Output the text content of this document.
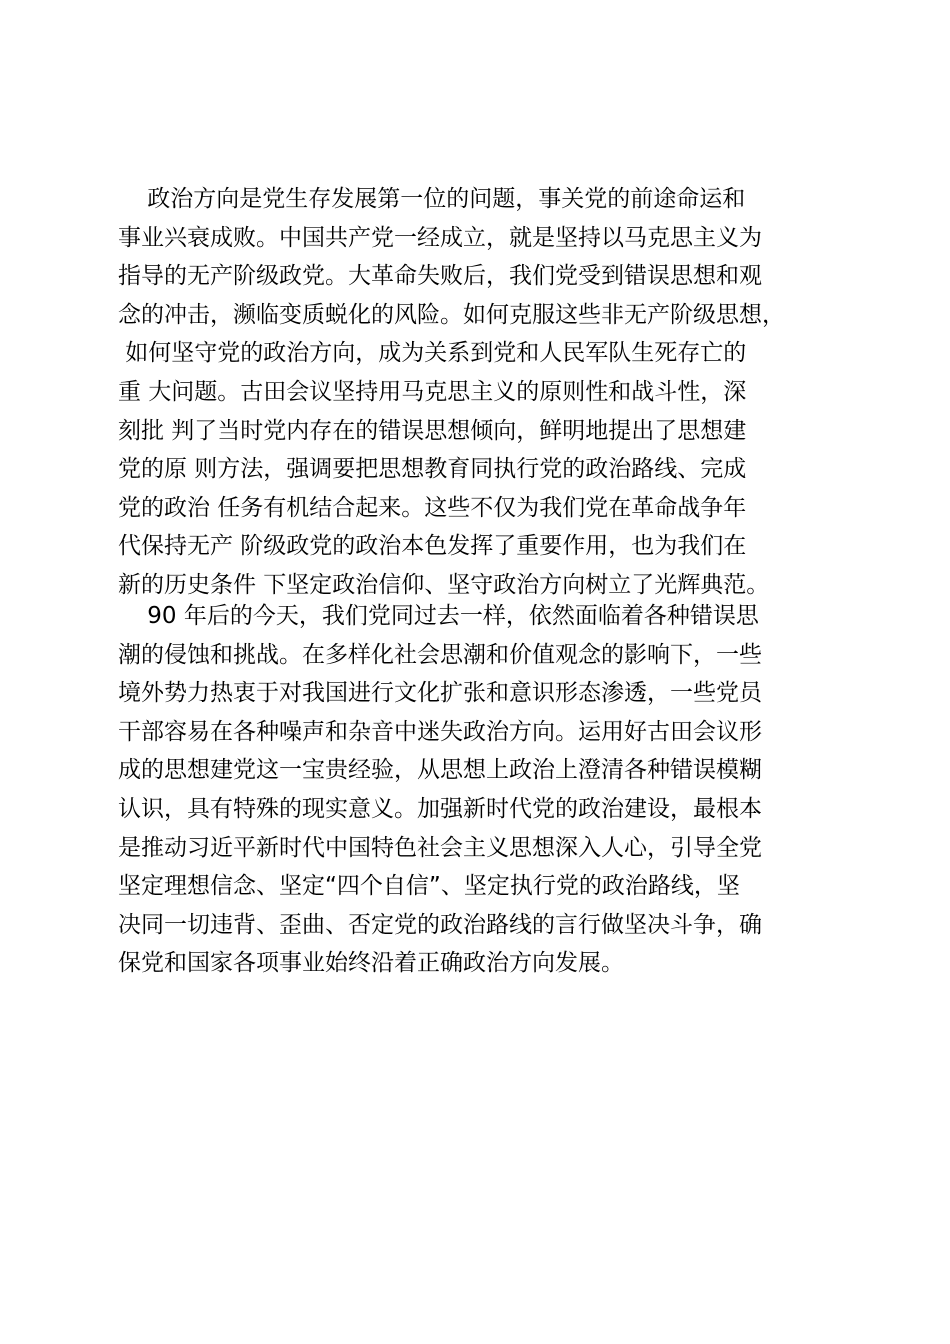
政治方向是党生存发展第一位的问题，事关党的前途命运和
事业兴衰成败。中国共产党一经成立，就是坚持以马克思主义为
指导的无产阶级政党。大革命失败后，我们党受到错误思想和观
念的冲击，濒临变质蜕化的风险。如何克服这些非无产阶级思想，
如何坚守党的政治方向，成为关系到党和人民军队生死存亡的
重 大问题。古田会议坚持用马克思主义的原则性和战斗性，深
刻批 判了当时党内存在的错误思想倾向，鲜明地提出了思想建
党的原 则方法，强调要把思想教育同执行党的政治路线、完成
党的政治 任务有机结合起来。这些不仅为我们党在革命战争年
代保持无产 阶级政党的政治本色发挥了重要作用，也为我们在
新的历史条件 下坚定政治信仰、坚守政治方向树立了光辉典范。

90 年后的今天，我们党同过去一样，依然面临着各种错误思
潮的侵蚀和挑战。在多样化社会思潮和价值观念的影响下，一些
境外势力热衷于对我国进行文化扩张和意识形态渗透，一些党员
干部容易在各种噪声和杂音中迷失政治方向。运用好古田会议形
成的思想建党这一宝贵经验，从思想上政治上澄清各种错误模糊
认识，具有特殊的现实意义。加强新时代党的政治建设，最根本
是推动习近平新时代中国特色社会主义思想深入人心，引导全党
坚定理想信念、坚定“四个自信”、坚定执行党的政治路线，坚
决同一切违背、歪曲、否定党的政治路线的言行做坚决斗争，确
保党和国家各项事业始终沿着正确政治方向发展。
